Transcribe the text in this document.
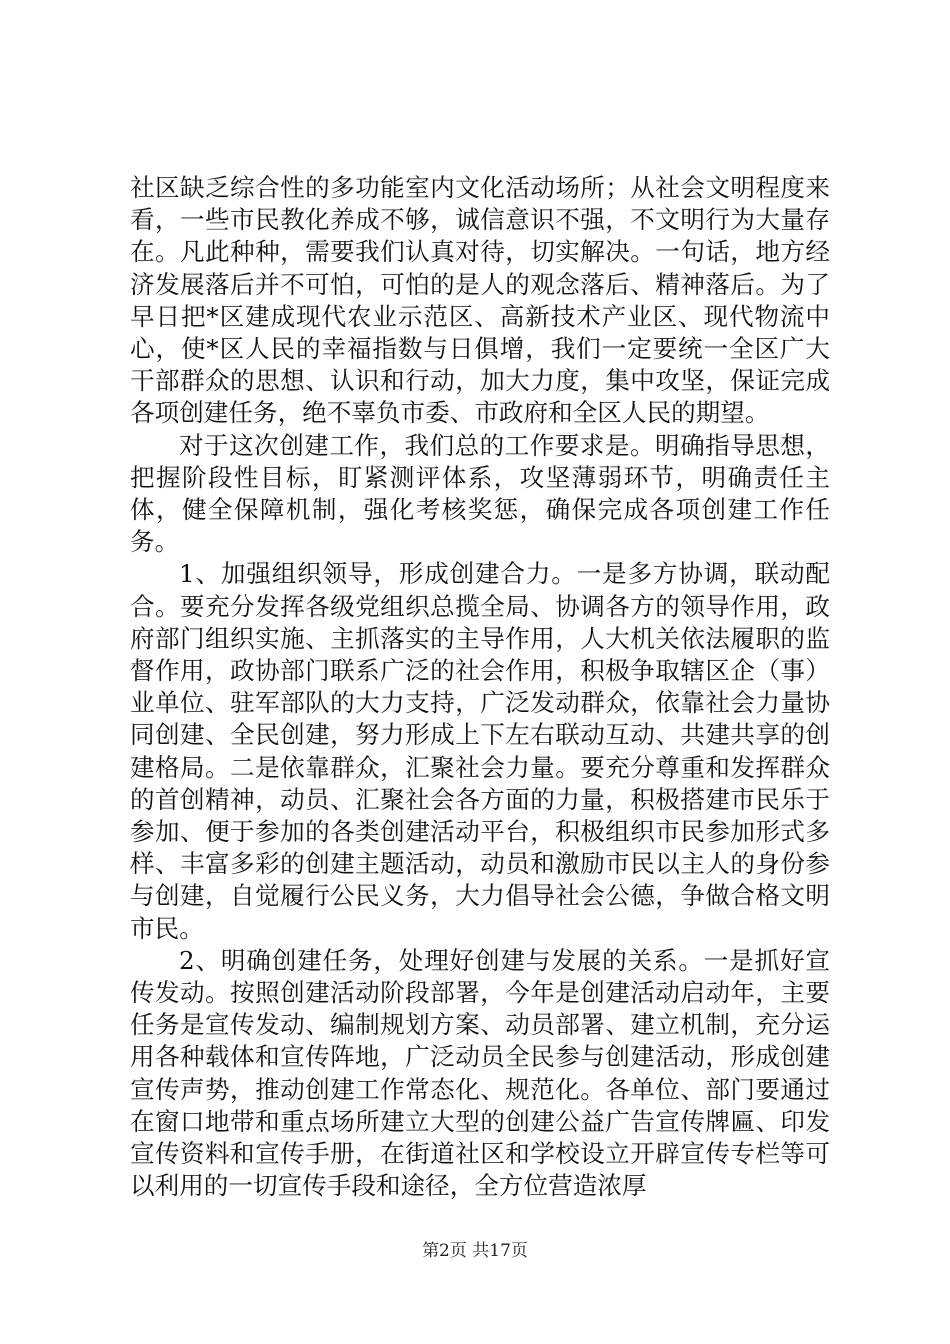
社区缺乏综合性的多功能室内文化活动场所；从社会文明程度来看，一些市民教化养成不够，诚信意识不强，不文明行为大量存在。凡此种种，需要我们认真对待，切实解决。一句话，地方经济发展落后并不可怕，可怕的是人的观念落后、精神落后。为了早日把*区建成现代农业示范区、高新技术产业区、现代物流中心，使*区人民的幸福指数与日俱增，我们一定要统一全区广大干部群众的思想、认识和行动，加大力度，集中攻坚，保证完成各项创建任务，绝不辜负市委、市政府和全区人民的期望。

对于这次创建工作，我们总的工作要求是。明确指导思想，把握阶段性目标，盯紧测评体系，攻坚薄弱环节，明确责任主体，健全保障机制，强化考核奖惩，确保完成各项创建工作任务。

1、加强组织领导，形成创建合力。一是多方协调，联动配合。要充分发挥各级党组织总揽全局、协调各方的领导作用，政府部门组织实施、主抓落实的主导作用，人大机关依法履职的监督作用，政协部门联系广泛的社会作用，积极争取辖区企（事）业单位、驻军部队的大力支持，广泛发动群众，依靠社会力量协同创建、全民创建，努力形成上下左右联动互动、共建共享的创建格局。二是依靠群众，汇聚社会力量。要充分尊重和发挥群众的首创精神，动员、汇聚社会各方面的力量，积极搭建市民乐于参加、便于参加的各类创建活动平台，积极组织市民参加形式多样、丰富多彩的创建主题活动，动员和激励市民以主人的身份参与创建，自觉履行公民义务，大力倡导社会公德，争做合格文明市民。

2、明确创建任务，处理好创建与发展的关系。一是抓好宣传发动。按照创建活动阶段部署，今年是创建活动启动年，主要任务是宣传发动、编制规划方案、动员部署、建立机制，充分运用各种载体和宣传阵地，广泛动员全民参与创建活动，形成创建宣传声势，推动创建工作常态化、规范化。各单位、部门要通过在窗口地带和重点场所建立大型的创建公益广告宣传牌匾、印发宣传资料和宣传手册，在街道社区和学校设立开辟宣传专栏等可以利用的一切宣传手段和途径，全方位营造浓厚

第2页 共17页
